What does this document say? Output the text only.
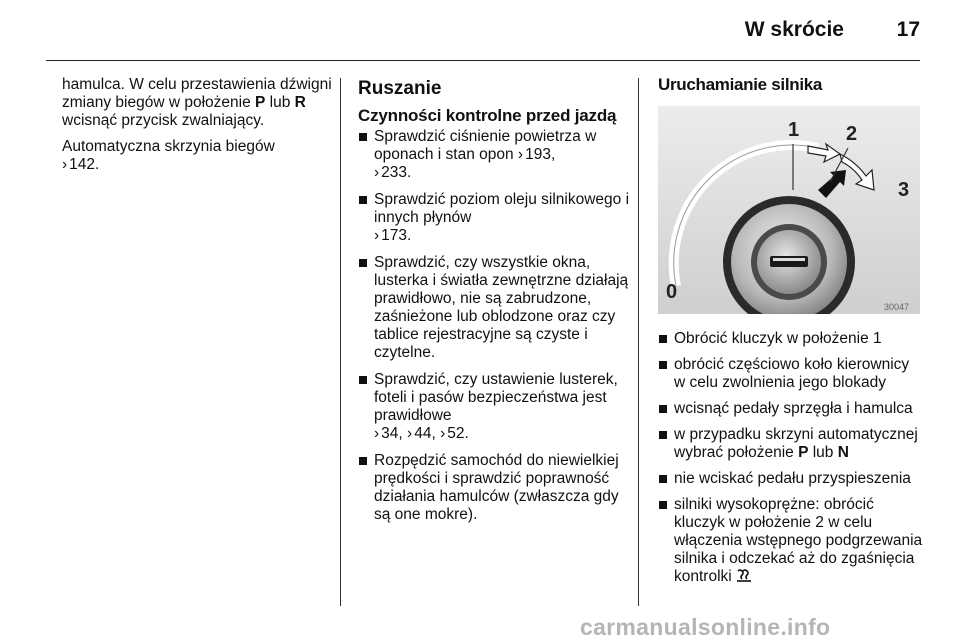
W skrócie	17

hamulca. W celu przestawienia dźwigni zmiany biegów w położenie P lub R wcisnąć przycisk zwalniający.

Automatyczna skrzynia biegów
› 142.

Ruszanie
Czynności kontrolne przed jazdą
Sprawdzić ciśnienie powietrza w oponach i stan opon › 193,
› 233.
Sprawdzić poziom oleju silnikowego i innych płynów
› 173.
Sprawdzić, czy wszystkie okna, lusterka i światła zewnętrzne działają prawidłowo, nie są zabrudzone, zaśnieżone lub oblodzone oraz czy tablice rejestracyjne są czyste i czytelne.
Sprawdzić, czy ustawienie lusterek, foteli i pasów bezpieczeństwa jest prawidłowe
› 34, › 44, › 52.
Rozpędzić samochód do niewielkiej prędkości i sprawdzić poprawność działania hamulców (zwłaszcza gdy są one mokre).
Uruchamianie silnika
1 2
3
0
30047
Obrócić kluczyk w położenie 1
obrócić częściowo koło kierownicy w celu zwolnienia jego blokady
wcisnąć pedały sprzęgła i hamulca
w przypadku skrzyni automatycznej wybrać położenie P lub N
nie wciskać pedału przyspieszenia
silniki wysokoprężne: obrócić kluczyk w położenie 2 w celu włączenia wstępnego podgrzewania silnika i odczekać aż do zgaśnięcia kontrolki
carmanualsonline.info
